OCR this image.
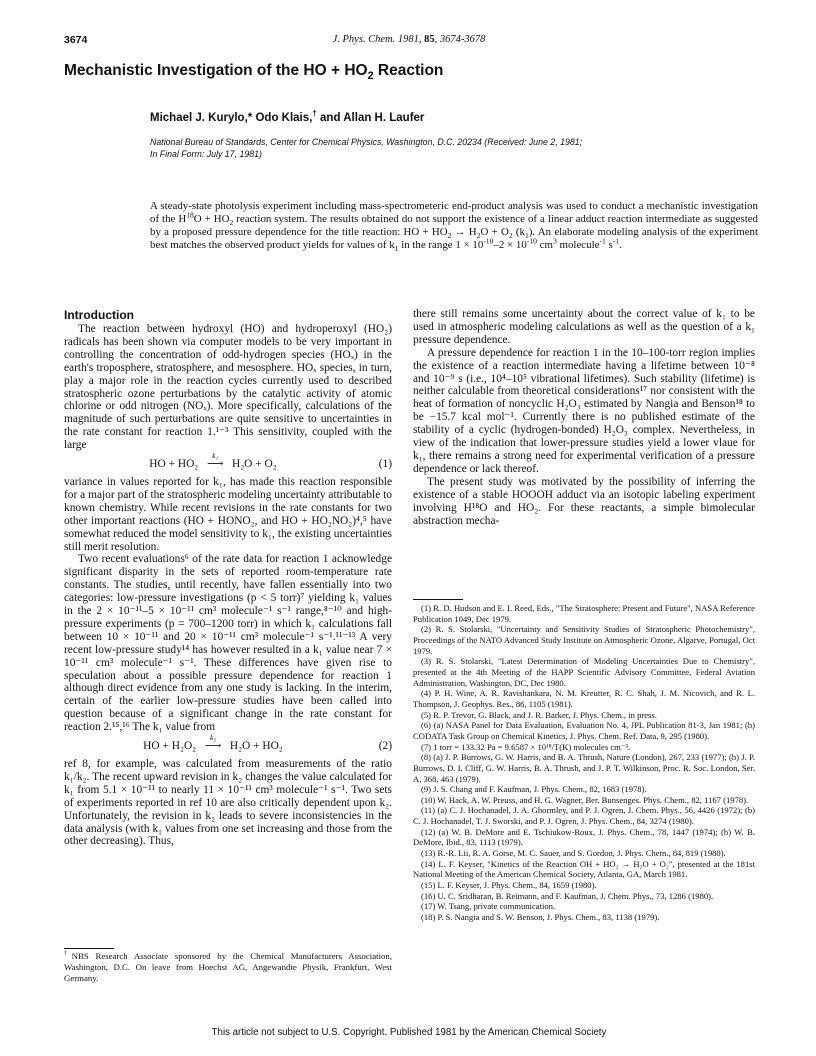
3674	J. Phys. Chem. 1981, 85, 3674-3678
Mechanistic Investigation of the HO + $HO_2$ Reaction
Michael J. Kurylo,* Odo Klais,† and Allan H. Laufer
National Bureau of Standards, Center for Chemical Physics, Washington, D.C. 20234 (Received: June 2, 1981;
In Final Form: July 17, 1981)
A steady-state photolysis experiment including mass-spectrometeric end-product analysis was used to conduct a mechanistic investigation of the $H^{18}O + HO_2$ reaction system. The results obtained do not support the existence of a linear adduct reaction intermediate as suggested by a proposed pressure dependence for the title reaction: HO + $HO_2 \to H_2O + O_2$ $(k_1)$. An elaborate modeling analysis of the experiment best matches the observed product yields for values of $k_1$ in the range $1 \times 10^{-10}-2 \times 10^{-10}$ $cm^3$ molecule$^{-1}$ $s^{-1}$.
Introduction

The reaction between hydroxyl (HO) and hydroperoxyl (HO₂) radicals has been shown via computer models to be very important in controlling the concentration of odd-hydrogen species (HOₓ) in the earth's troposphere, stratosphere, and mesosphere. HOₓ species, in turn, play a major role in the reaction cycles currently used to described stratospheric ozone perturbations by the catalytic activity of atomic chlorine or odd nitrogen (NOₓ). More specifically, calculations of the magnitude of such perturbations are quite sensitive to uncertainties in the rate constant for reaction 1.¹⁻³ This sensitivity, coupled with the large

HO + HO₂
k₁
⟶ H₂O + O₂	(1)

variance in values reported for k₁, has made this reaction responsible for a major part of the stratospheric modeling uncertainty attributable to known chemistry. While recent revisions in the rate constants for two other important reactions (HO + HONO₂, and HO + HO₂NO₂)⁴,⁵ have somewhat reduced the model sensitivity to k₁, the existing uncertainties still merit resolution.

Two recent evaluations⁶ of the rate data for reaction 1 acknowledge significant disparity in the sets of reported room-temperature rate constants. The studies, until recently, have fallen essentially into two categories: low-pressure investigations (p < 5 torr)⁷ yielding k₁ values in the 2 × 10⁻¹¹–5 × 10⁻¹¹ cm³ molecule⁻¹ s⁻¹ range,⁸⁻¹⁰ and high-pressure experiments (p = 700–1200 torr) in which k₁ calculations fall between 10 × 10⁻¹¹ and 20 × 10⁻¹¹ cm³ molecule⁻¹ s⁻¹.¹¹⁻¹³ A very recent low-pressure study¹⁴ has however resulted in a k₁ value near 7 × 10⁻¹¹ cm³ molecule⁻¹ s⁻¹. These differences have given rise to speculation about a possible pressure dependence for reaction 1 although direct evidence from any one study is lacking. In the interim, certain of the earlier low-pressure studies have been called into question because of a significant change in the rate constant for reaction 2.¹⁵,¹⁶ The k₁ value from

HO + H₂O₂
k₂
⟶ H₂O + HO₂	(2)

ref 8, for example, was calculated from measurements of the ratio k₁/k₂. The recent upward revision in k₂ changes the value calculated for k₁ from 5.1 × 10⁻¹¹ to nearly 11 × 10⁻¹¹ cm³ molecule⁻¹ s⁻¹. Two sets of experiments reported in ref 10 are also critically dependent upon k₂. Unfortunately, the revision in k₂ leads to severe inconsistencies in the data analysis (with k₁ values from one set increasing and those from the other decreasing). Thus,

there still remains some uncertainty about the correct value of k₁ to be used in atmospheric modeling calculations as well as the question of a k₁ pressure dependence.

A pressure dependence for reaction 1 in the 10–100-torr region implies the existence of a reaction intermediate having a lifetime between 10⁻⁸ and 10⁻⁹ s (i.e., 10⁴–10⁵ vibrational lifetimes). Such stability (lifetime) is neither calculable from theoretical considerations¹⁷ nor consistent with the heat of formation of noncyclic H₂O₃ estimated by Nangia and Benson¹⁸ to be −15.7 kcal mol⁻¹. Currently there is no published estimate of the stability of a cyclic (hydrogen-bonded) H₂O₃ complex. Nevertheless, in view of the indication that lower-pressure studies yield a lower vlaue for k₁, there remains a strong need for experimental verification of a pressure dependence or lack thereof.

The present study was motivated by the possibility of inferring the existence of a stable HOOOH adduct via an isotopic labeling experiment involving H¹⁸O and HO₂. For these reactants, a simple bimolecular abstraction mecha-

(1) R. D. Hudson and E. I. Reed, Eds., "The Stratosphere: Present and Future", NASA Reference Publication 1049, Dec 1979.

(2) R. S. Stolarski, "Uncertainty and Sensitivity Studies of Stratospheric Photochemistry", Proceedings of the NATO Advanced Study Institute on Atmospheric Ozone, Algarve, Portugal, Oct 1979.

(3) R. S. Stolarski, "Latest Determination of Modeling Uncertainties Due to Chemistry", presented at the 4th Meeting of the HAPP Scientific Advisory Committee, Federal Aviation Administration, Washington, DC, Dec 1980.

(4) P. H. Wine, A. R. Ravishankara, N. M. Kreutter, R. C. Shah, J. M. Nicovich, and R. L. Thompson, J. Geophys. Res., 86, 1105 (1981).

(5) R. P. Trevor, G. Black, and J. R. Barker, J. Phys. Chem., in press.

(6) (a) NASA Panel for Data Evaluation, Evaluation No. 4, JPL Publication 81-3, Jan 1981; (b) CODATA Task Group on Chemical Kinetics, J. Phys. Chem. Ref. Data, 9, 295 (1980).

(7) 1 torr = 133.32 Pa = 9.6587 × 10¹⁸/T(K) molecules cm⁻³.

(8) (a) J. P. Burrows, G. W. Harris, and B. A. Thrush, Nature (London), 267, 233 (1977); (b) J. P. Burrows, D. I. Cliff, G. W. Harris, B. A. Thrush, and J. P. T. Wilkinson, Proc. R. Soc. London, Ser. A, 368, 463 (1979).

(9) J. S. Chang and F. Kaufman, J. Phys. Chem., 82, 1683 (1978).

(10) W. Hack, A. W. Preuss, and H. G. Wagner, Ber. Bunsenges. Phys. Chem., 82, 1167 (1978).

(11) (a) C. J. Hochanadel, J. A. Ghormley, and P. J. Ogren, J. Chem. Phys., 56, 4426 (1972); (b) C. J. Hochanadel, T. J. Sworski, and P. J. Ogren, J. Phys. Chem., 84, 3274 (1980).

(12) (a) W. B. DeMore and E. Tschiukow-Roux, J. Phys. Chem., 78, 1447 (1974); (b) W. B. DeMore, Ibid., 83, 1113 (1979).

(13) R.-R. Lii, R. A. Gorse, M. C. Sauer, and S. Gordon, J. Phys. Chem., 84, 819 (1980).

(14) L. F. Keyser, "Kinetics of the Reaction OH + HO₂ → H₂O + O₂", presented at the 181st National Meeting of the American Chemical Society, Atlanta, GA, March 1981.

(15) L. F. Keyser, J. Phys. Chem., 84, 1659 (1980).

(16) U. C. Sridharan, B. Reimann, and F. Kaufman, J. Chem. Phys., 73, 1286 (1980).

(17) W. Tsang, private communication.

(18) P. S. Nangia and S. W. Benson, J. Phys. Chem., 83, 1138 (1979).

†NBS Research Associate sponsored by the Chemical Manufacturers Association, Washington, D.C. On leave from Hoechst AG, Angewandte Physik, Frankfurt, West Germany.
This article not subject to U.S. Copyright. Published 1981 by the American Chemical Society
